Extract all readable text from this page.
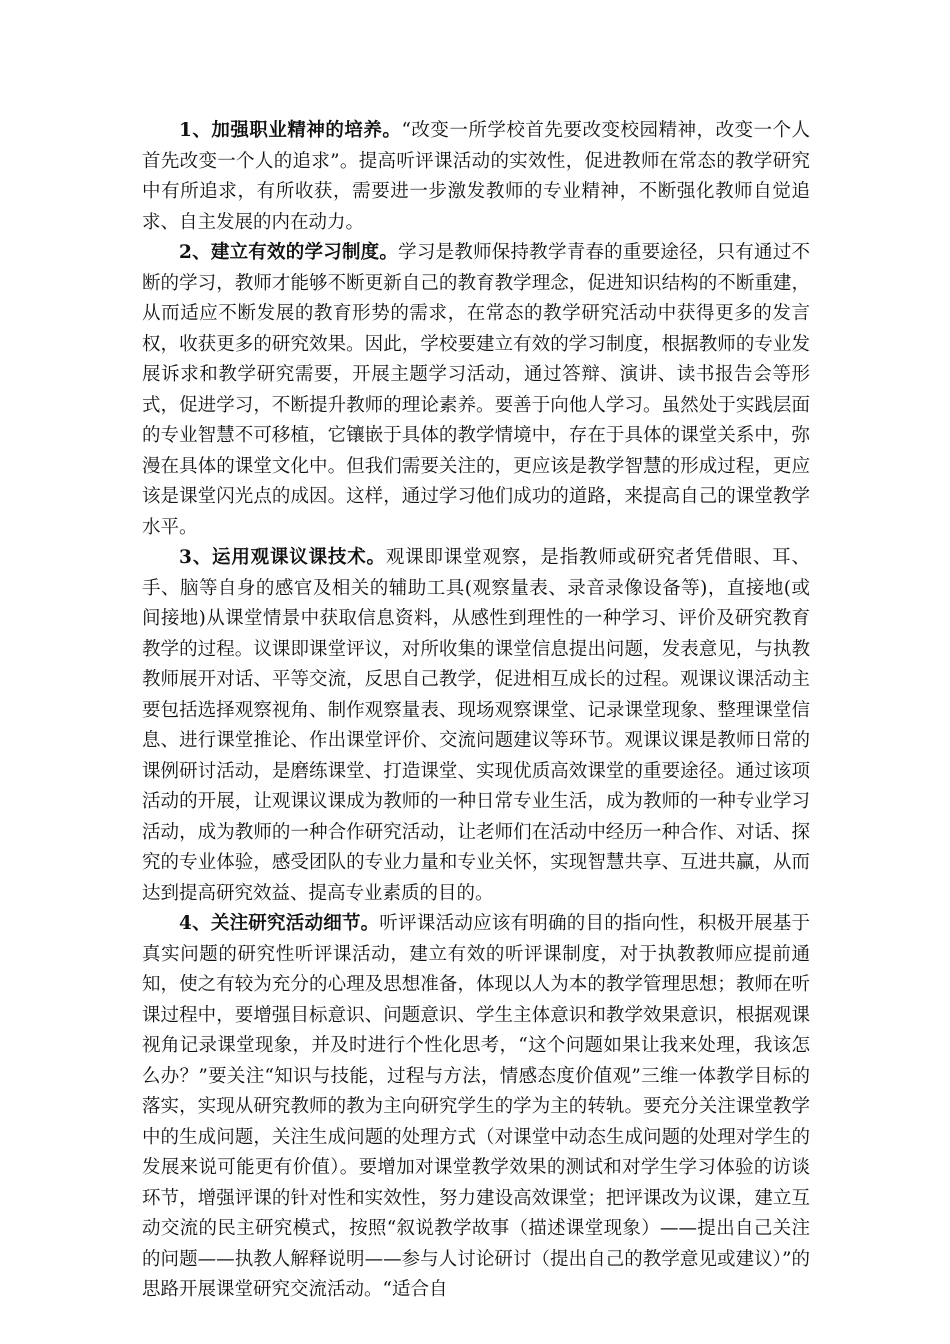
1、加强职业精神的培养。“改变一所学校首先要改变校园精神，改变一个人首先改变一个人的追求”。提高听评课活动的实效性，促进教师在常态的教学研究中有所追求，有所收获，需要进一步激发教师的专业精神，不断强化教师自觉追求、自主发展的内在动力。

2、建立有效的学习制度。学习是教师保持教学青春的重要途径，只有通过不断的学习，教师才能够不断更新自己的教育教学理念，促进知识结构的不断重建，从而适应不断发展的教育形势的需求，在常态的教学研究活动中获得更多的发言权，收获更多的研究效果。因此，学校要建立有效的学习制度，根据教师的专业发展诉求和教学研究需要，开展主题学习活动，通过答辩、演讲、读书报告会等形式，促进学习，不断提升教师的理论素养。要善于向他人学习。虽然处于实践层面的专业智慧不可移植，它镶嵌于具体的教学情境中，存在于具体的课堂关系中，弥漫在具体的课堂文化中。但我们需要关注的，更应该是教学智慧的形成过程，更应该是课堂闪光点的成因。这样，通过学习他们成功的道路，来提高自己的课堂教学水平。

3、运用观课议课技术。观课即课堂观察，是指教师或研究者凭借眼、耳、手、脑等自身的感官及相关的辅助工具(观察量表、录音录像设备等)，直接地(或间接地)从课堂情景中获取信息资料，从感性到理性的一种学习、评价及研究教育教学的过程。议课即课堂评议，对所收集的课堂信息提出问题，发表意见，与执教教师展开对话、平等交流，反思自己教学，促进相互成长的过程。观课议课活动主要包括选择观察视角、制作观察量表、现场观察课堂、记录课堂现象、整理课堂信息、进行课堂推论、作出课堂评价、交流问题建议等环节。观课议课是教师日常的课例研讨活动，是磨练课堂、打造课堂、实现优质高效课堂的重要途径。通过该项活动的开展，让观课议课成为教师的一种日常专业生活，成为教师的一种专业学习活动，成为教师的一种合作研究活动，让老师们在活动中经历一种合作、对话、探究的专业体验，感受团队的专业力量和专业关怀，实现智慧共享、互进共赢，从而达到提高研究效益、提高专业素质的目的。

4、关注研究活动细节。听评课活动应该有明确的目的指向性，积极开展基于真实问题的研究性听评课活动，建立有效的听评课制度，对于执教教师应提前通知，使之有较为充分的心理及思想准备，体现以人为本的教学管理思想；教师在听课过程中，要增强目标意识、问题意识、学生主体意识和教学效果意识，根据观课视角记录课堂现象，并及时进行个性化思考，“这个问题如果让我来处理，我该怎么办？”要关注“知识与技能，过程与方法，情感态度价值观”三维一体教学目标的落实，实现从研究教师的教为主向研究学生的学为主的转轨。要充分关注课堂教学中的生成问题，关注生成问题的处理方式（对课堂中动态生成问题的处理对学生的发展来说可能更有价值）。要增加对课堂教学效果的测试和对学生学习体验的访谈环节，增强评课的针对性和实效性，努力建设高效课堂；把评课改为议课，建立互动交流的民主研究模式，按照“叙说教学故事（描述课堂现象）——提出自己关注的问题——执教人解释说明——参与人讨论研讨（提出自己的教学意见或建议）”的思路开展课堂研究交流活动。“适合自
